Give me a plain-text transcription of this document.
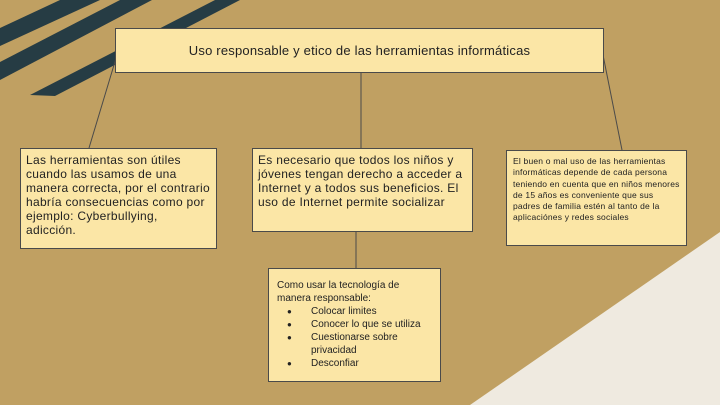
Uso responsable y etico de las herramientas informáticas
Las herramientas son útiles cuando las usamos de una manera correcta, por el contrario habría consecuencias como por ejemplo: Cyberbullying, adicción.
Es necesario que todos los niños y jóvenes tengan derecho a acceder a Internet y a todos sus beneficios. El uso de Internet permite socializar
El buen o mal uso de las herramientas informáticas depende de cada persona teniendo en cuenta que en niños menores de 15 años es conveniente que sus padres de familia estén al tanto de la aplicaciónes y redes sociales
Como usar la tecnología de manera responsable:
● Colocar limites
● Conocer lo que se utiliza
● Cuestionarse sobre privacidad
● Desconfiar
